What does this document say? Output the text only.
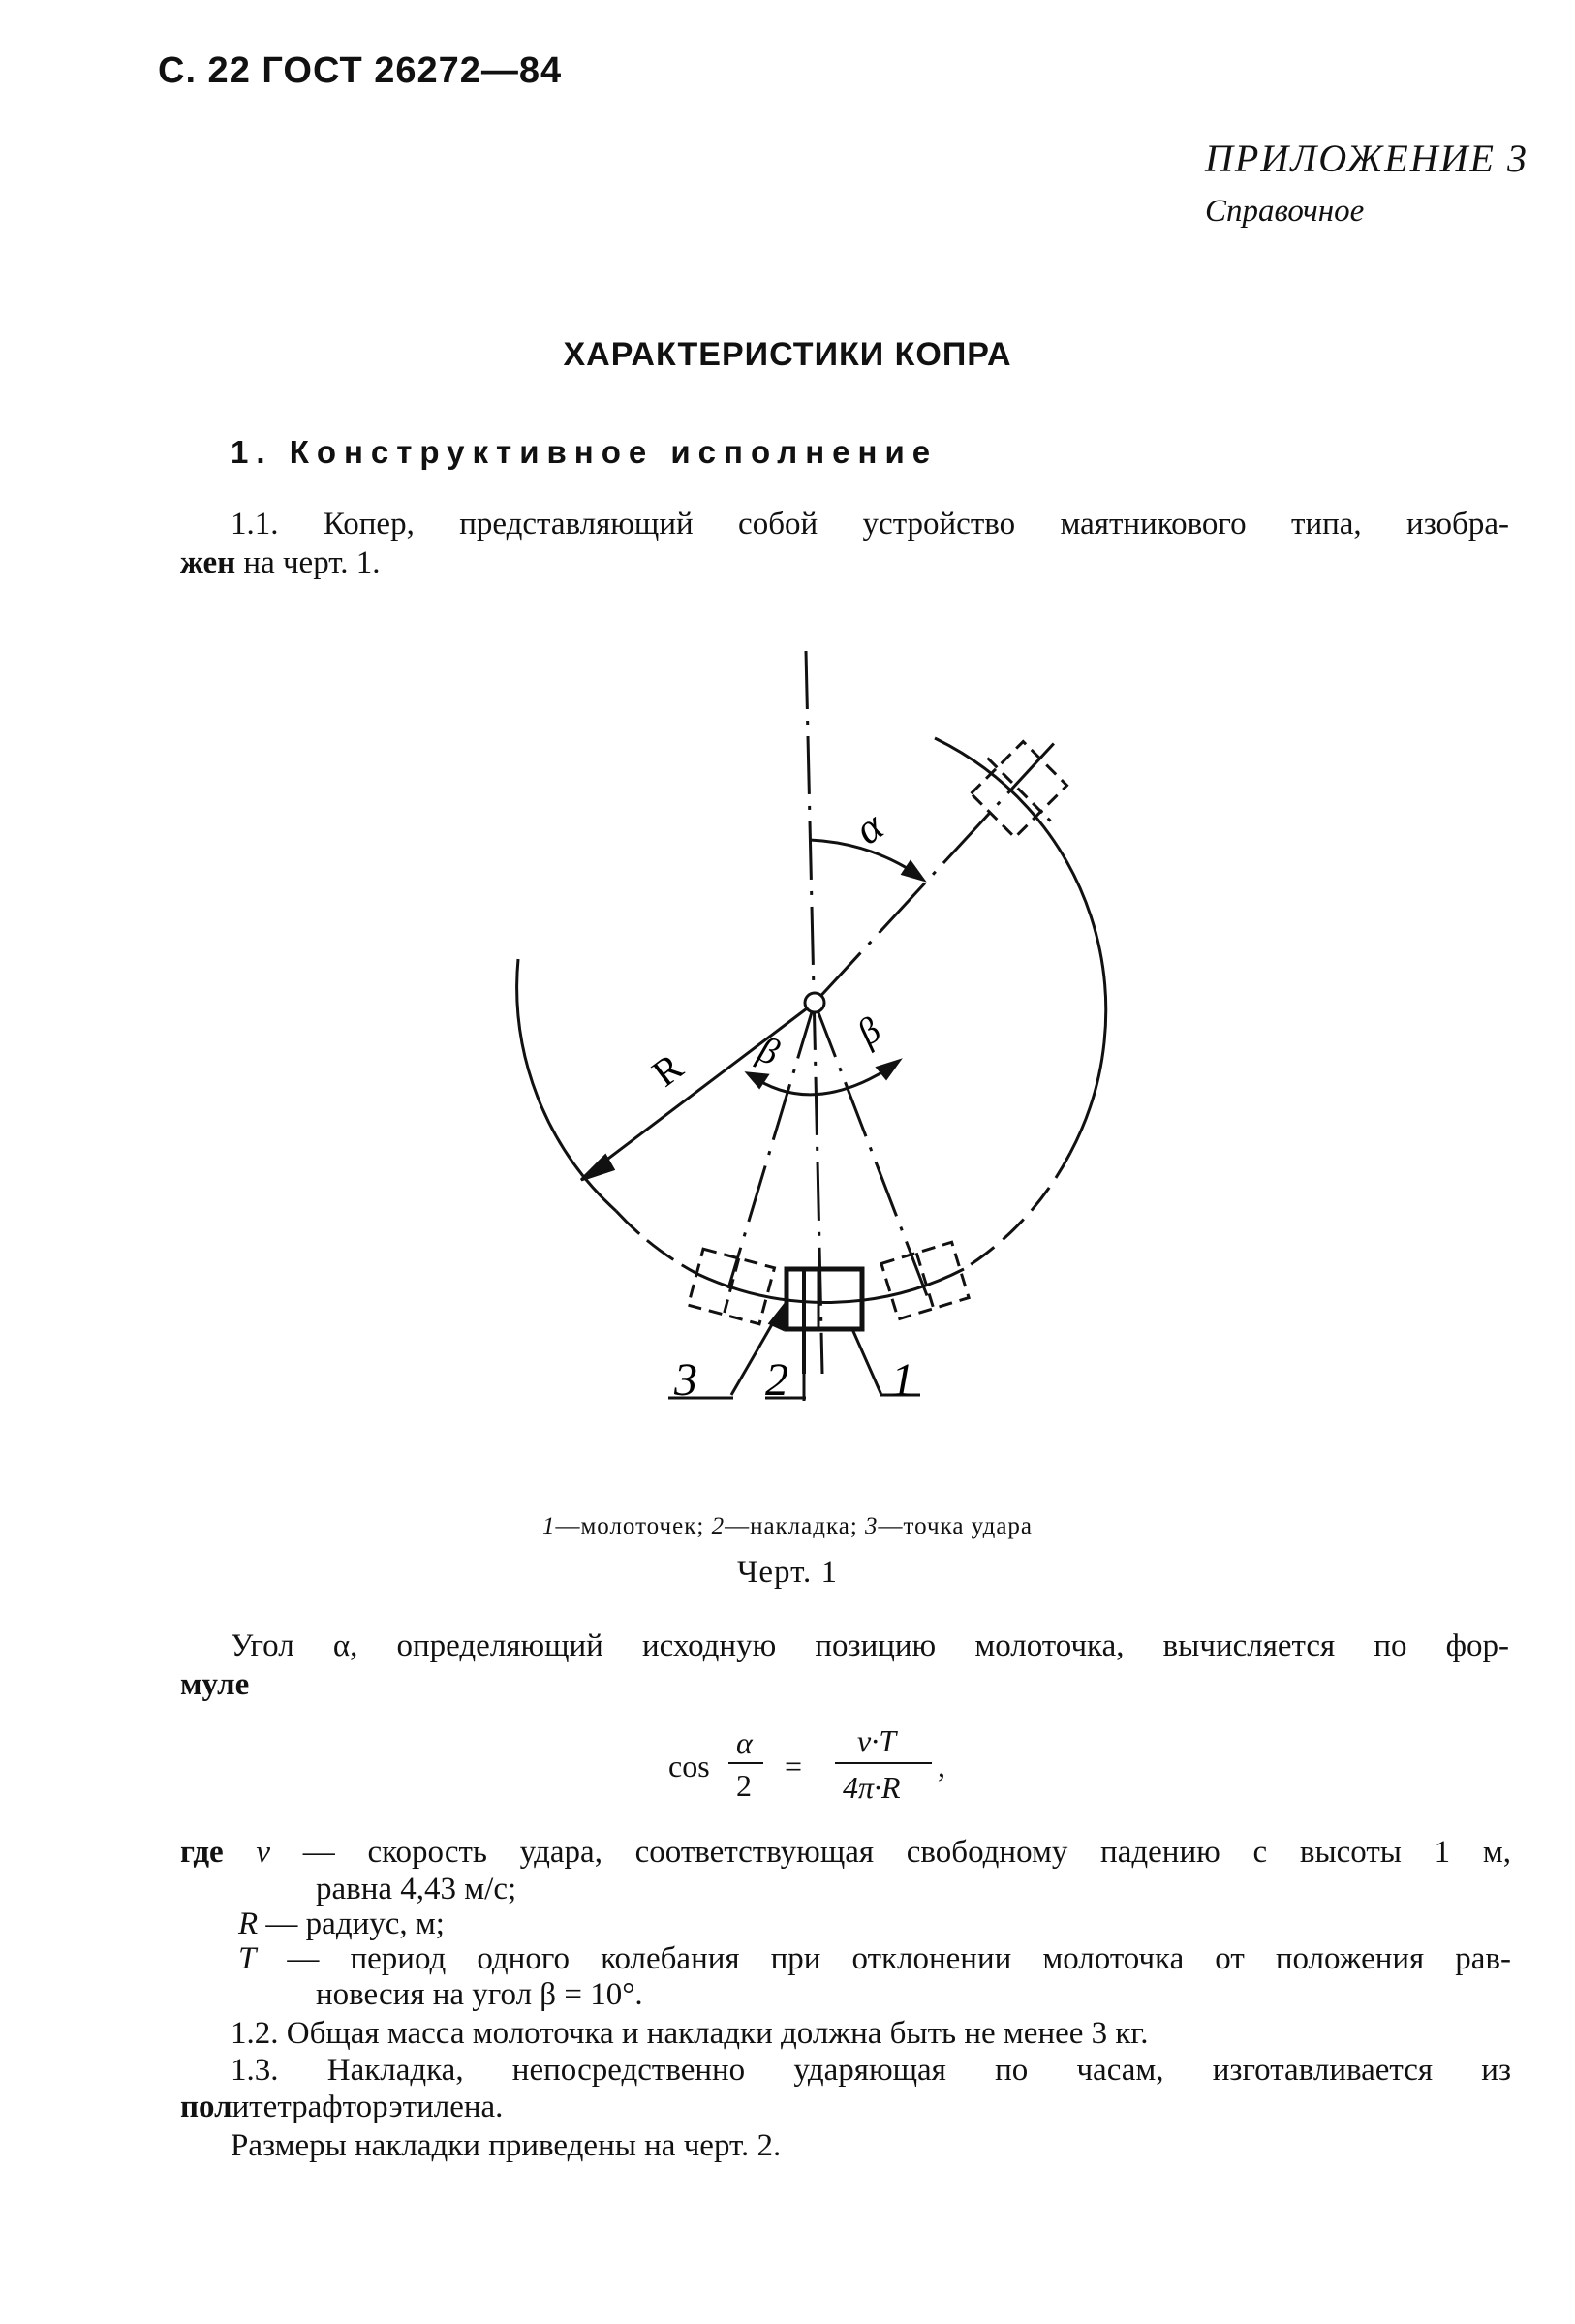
С. 22 ГОСТ 26272—84
ПРИЛОЖЕНИЕ 3
Справочное
ХАРАКТЕРИСТИКИ КОПРА
1. Конструктивное исполнение
1.1. Копер, представляющий собой устройство маятникового типа, изобра-
жен на черт. 1.
α
R β β
3 2 1
1—молоточек; 2—накладка; 3—точка удара
Черт. 1
Угол α, определяющий исходную позицию молоточка, вычисляется по фор-
муле
cos
α
2
=
v·T
4π·R
,
где v — скорость удара, соответствующая свободному падению с высоты 1 м,
равна 4,43 м/с;
R — радиус, м;
T — период одного колебания при отклонении молоточка от положения рав-
новесия на угол β = 10°.
1.2. Общая масса молоточка и накладки должна быть не менее 3 кг.
1.3. Накладка, непосредственно ударяющая по часам, изготавливается из
политетрафторэтилена.
Размеры накладки приведены на черт. 2.
